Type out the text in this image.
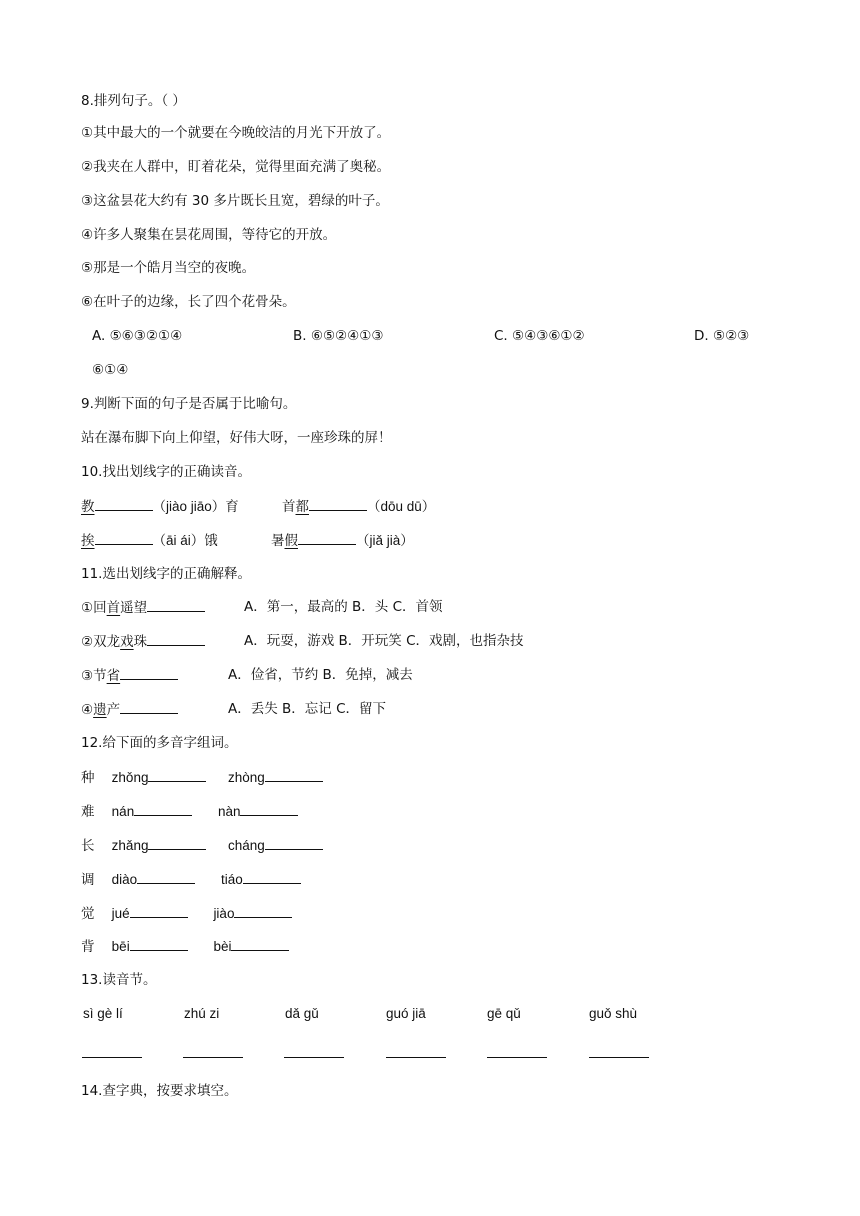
8.排列句子。（ ）
①其中最大的一个就要在今晚皎洁的月光下开放了。
②我夹在人群中，盯着花朵，觉得里面充满了奥秘。
③这盆昙花大约有 30 多片既长且宽，碧绿的叶子。
④许多人聚集在昙花周围，等待它的开放。
⑤那是一个皓月当空的夜晚。
⑥在叶子的边缘，长了四个花骨朵。
A. ⑤⑥③②①④	B. ⑥⑤②④①③	C. ⑤④③⑥①②	D. ⑤②③
⑥①④
9.判断下面的句子是否属于比喻句。
站在瀑布脚下向上仰望，好伟大呀，一座珍珠的屏！
10.找出划线字的正确读音。
教	（jiào jiāo）育	首都	（dōu dū）
挨	（āi ái）饿	暑假	（jiǎ jià）
11.选出划线字的正确解释。
①回首遥望	A．第一，最高的 B．头 C．首领
②双龙戏珠	A．玩耍，游戏 B．开玩笑 C．戏剧，也指杂技
③节省	A．俭省，节约 B．免掉，减去
④遗产	A．丢失 B．忘记 C．留下
12.给下面的多音字组词。
种 zhǒng	zhòng
难 nán	nàn
长 zhǎng	cháng
调 diào	tiáo
觉 jué	jiào
背 bēi	bèi
13.读音节。
sì gè lí	zhú zi	dǎ gǔ	guó jiā	gē qǔ	guǒ shù
14.查字典，按要求填空。
